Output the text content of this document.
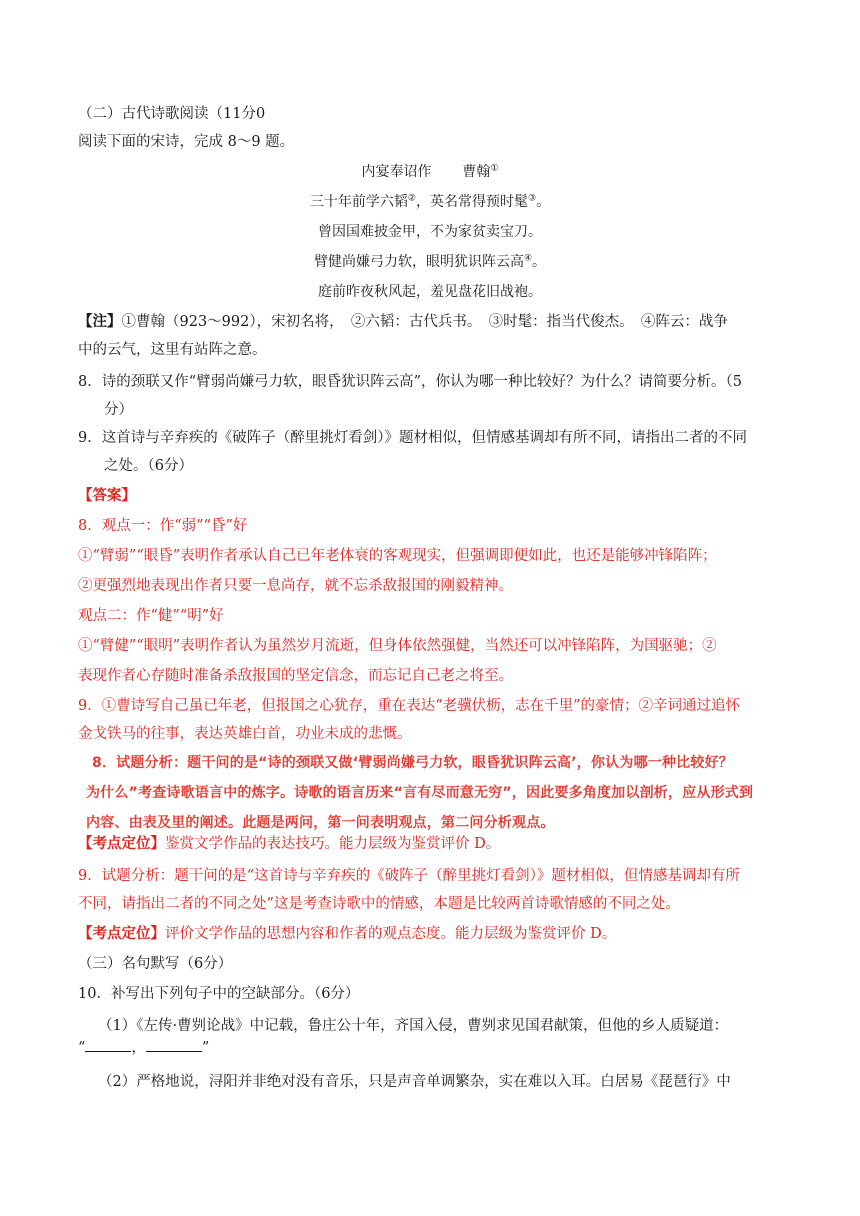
（二）古代诗歌阅读（11分0
阅读下面的宋诗，完成 8～9 题。
内宴奉诏作 曹翰①
三十年前学六韬②，英名常得预时髦③。
曾因国难披金甲，不为家贫卖宝刀。
臂健尚嫌弓力软，眼明犹识阵云高④。
庭前昨夜秋风起，羞见盘花旧战袍。
【注】①曹翰（923～992），宋初名将，　②六韬：古代兵书。　③时髦：指当代俊杰。　④阵云：战争
中的云气，这里有站阵之意。
8．诗的颈联又作“臂弱尚嫌弓力软，眼昏犹识阵云高”，你认为哪一种比较好？为什么？请简要分析。（5
分）
9．这首诗与辛弃疾的《破阵子（醉里挑灯看剑）》题材相似，但情感基调却有所不同，请指出二者的不同
之处。（6分）
【答案】
8．观点一：作“弱”“昏”好
①“臂弱”“眼昏”表明作者承认自己已年老体衰的客观现实，但强调即便如此，也还是能够冲锋陷阵；
②更强烈地表现出作者只要一息尚存，就不忘杀敌报国的刚毅精神。
观点二：作“健”“明”好
①“臂健”“眼明”表明作者认为虽然岁月流逝，但身体依然强健，当然还可以冲锋陷阵，为国驱驰；②
表现作者心存随时准备杀敌报国的坚定信念，而忘记自己老之将至。
9．①曹诗写自己虽已年老，但报国之心犹存，重在表达“老骥伏枥，志在千里”的豪情；②辛词通过追怀
金戈铁马的往事，表达英雄白首，功业未成的悲慨。
8．试题分析：题干问的是“诗的颈联又做‘臂弱尚嫌弓力软，眼昏犹识阵云高’，你认为哪一种比较好？
为什么”考查诗歌语言中的炼字。诗歌的语言历来“言有尽而意无穷”，因此要多角度加以剖析，应从形式到
内容、由表及里的阐述。此题是两问，第一问表明观点，第二问分析观点。
【考点定位】鉴赏文学作品的表达技巧。能力层级为鉴赏评价 D。
9．试题分析：题干问的是“这首诗与辛弃疾的《破阵子（醉里挑灯看剑）》题材相似，但情感基调却有所
不同，请指出二者的不同之处”这是考查诗歌中的情感，本题是比较两首诗歌情感的不同之处。
【考点定位】评价文学作品的思想内容和作者的观点态度。能力层级为鉴赏评价 D。
（三）名句默写（6分）
10．补写出下列句子中的空缺部分。（6分）
（1）《左传·曹刿论战》中记载，鲁庄公十年，齐国入侵，曹刿求见国君献策，但他的乡人质疑道：
“	，	”
（2）严格地说，浔阳并非绝对没有音乐，只是声音单调繁杂，实在难以入耳。白居易《琵琶行》中
